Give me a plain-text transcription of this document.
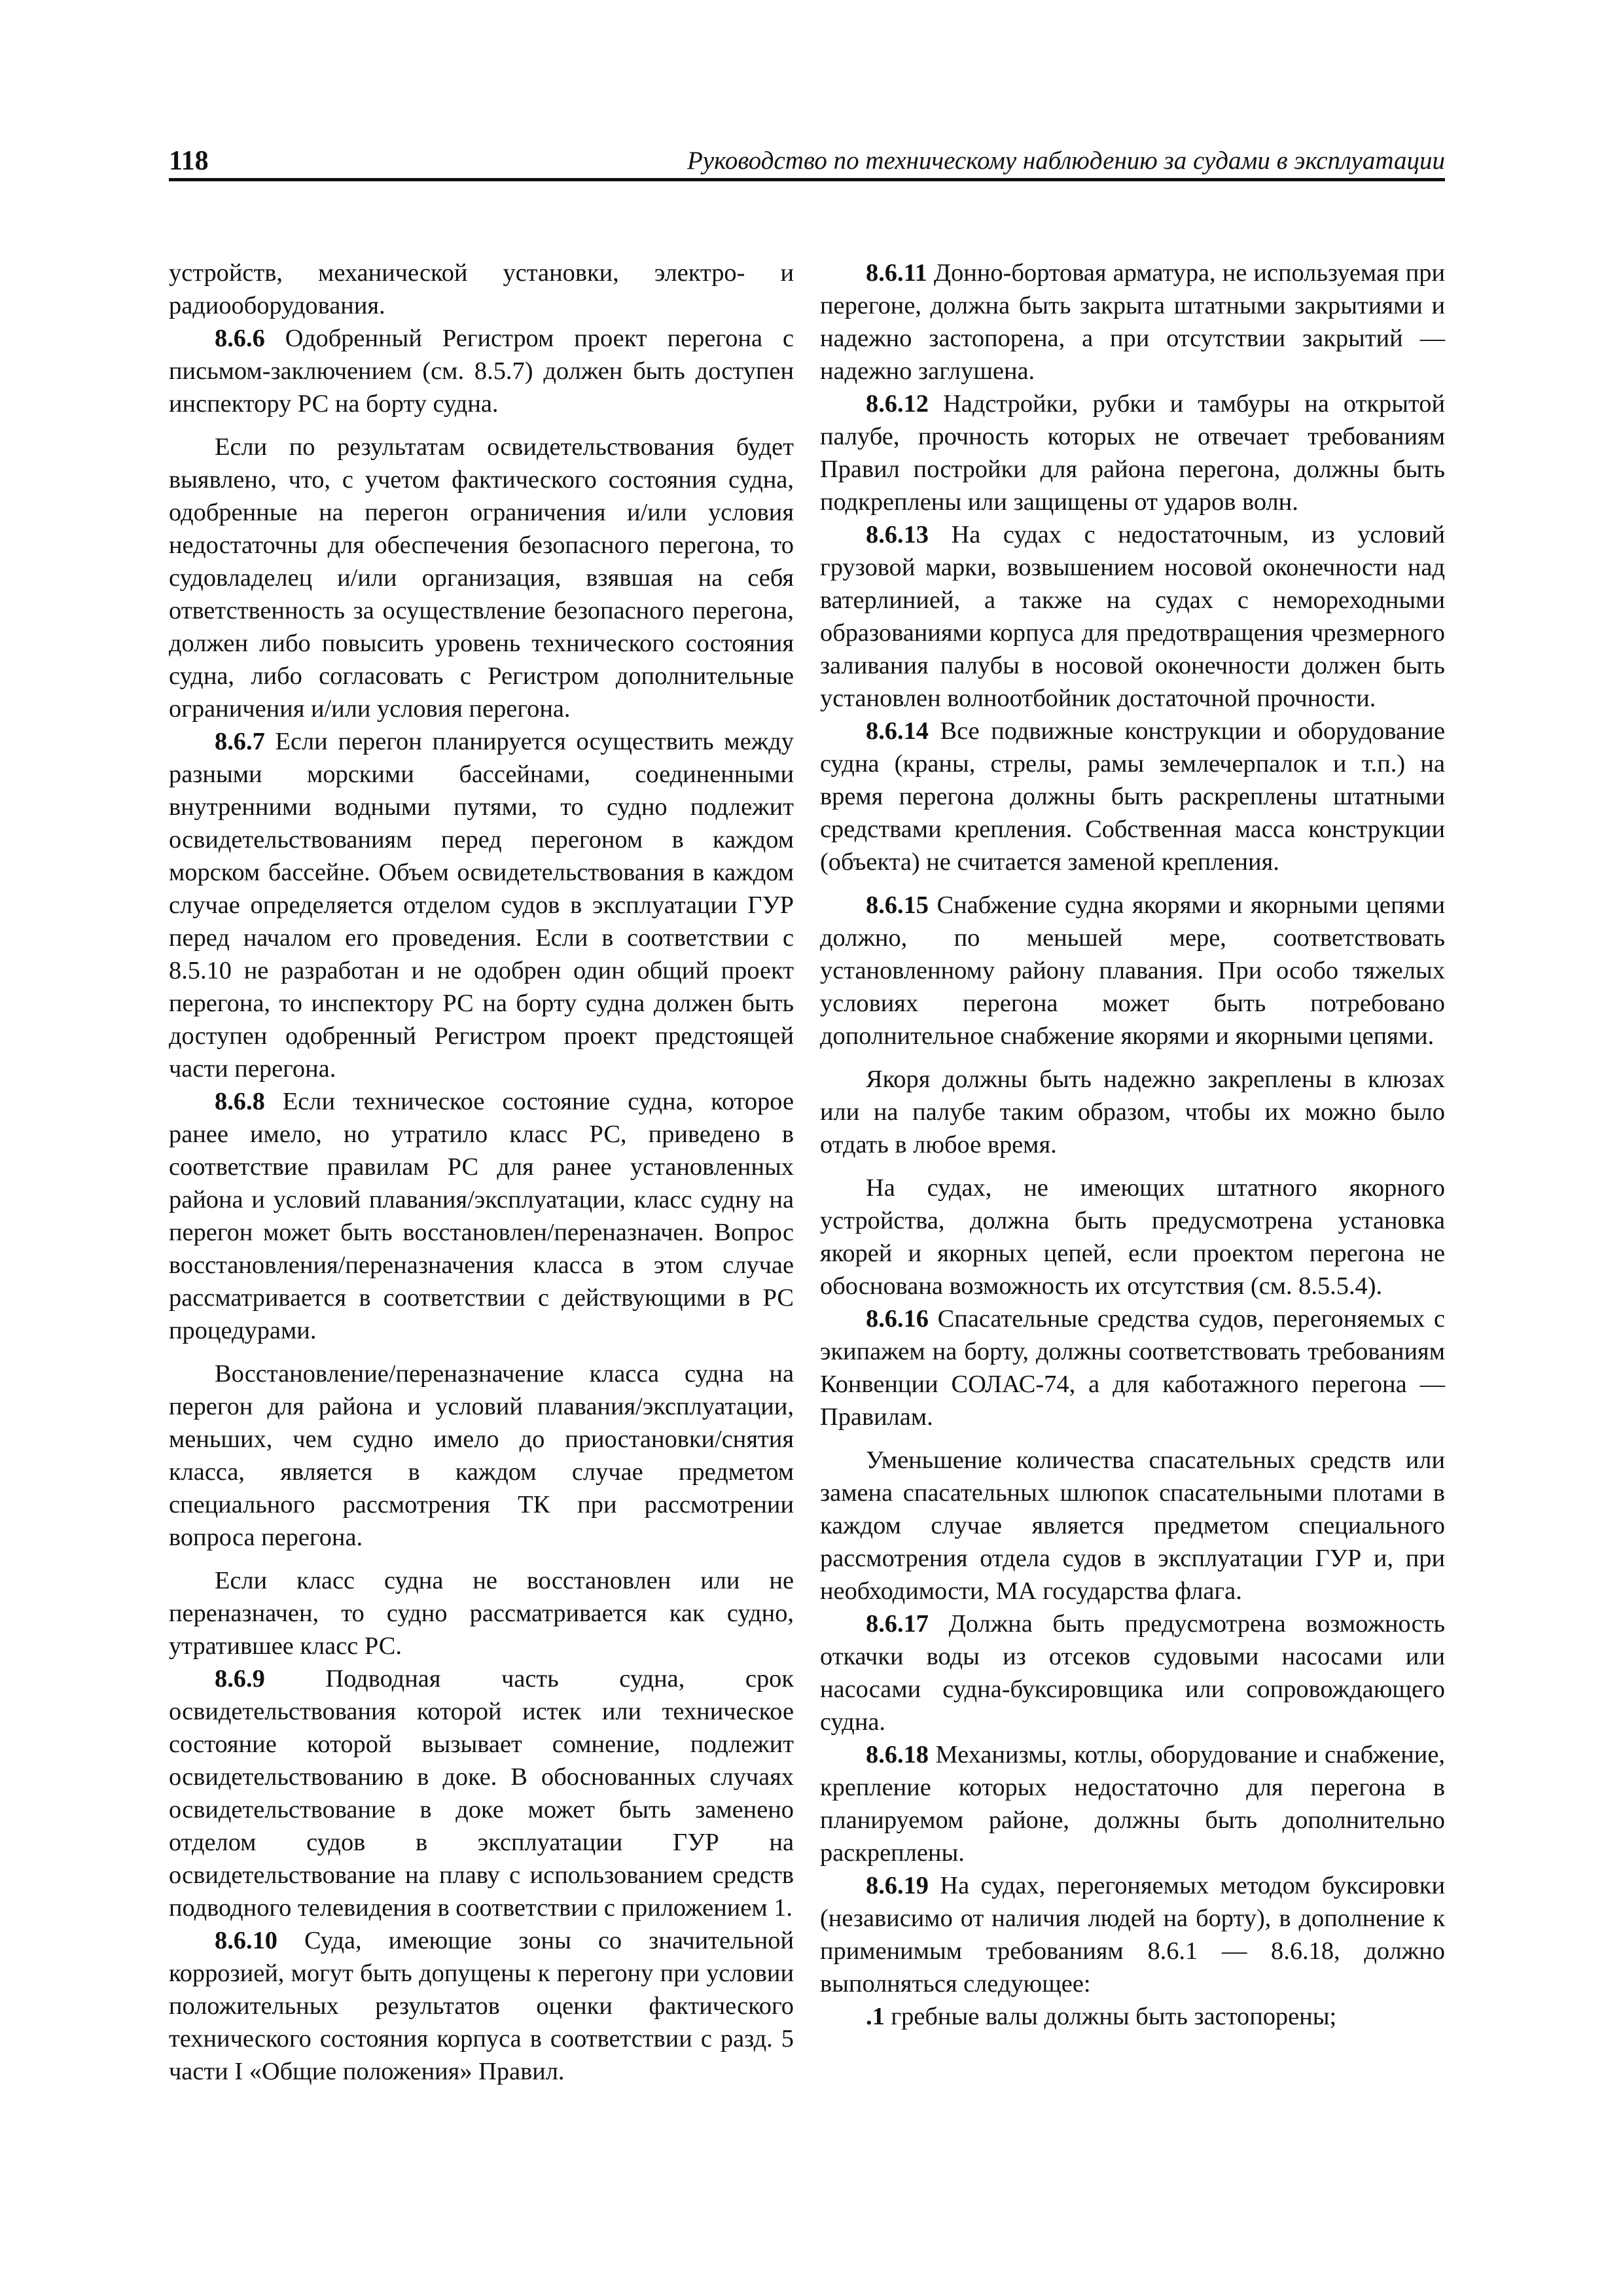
118	Руководство по техническому наблюдению за судами в эксплуатации

устройств, механической установки, электро- и радиооборудования.

8.6.6 Одобренный Регистром проект перегона с письмом-заключением (см. 8.5.7) должен быть доступен инспектору РС на борту судна.

Если по результатам освидетельствования будет выявлено, что, с учетом фактического состояния судна, одобренные на перегон ограничения и/или условия недостаточны для обеспечения безопасного перегона, то судовладелец и/или организация, взявшая на себя ответственность за осуществление безопасного перегона, должен либо повысить уровень технического состояния судна, либо согласовать с Регистром дополнительные ограничения и/или условия перегона.

8.6.7 Если перегон планируется осуществить между разными морскими бассейнами, соединенными внутренними водными путями, то судно подлежит освидетельствованиям перед перегоном в каждом морском бассейне. Объем освидетельствования в каждом случае определяется отделом судов в эксплуатации ГУР перед началом его проведения. Если в соответствии с 8.5.10 не разработан и не одобрен один общий проект перегона, то инспектору РС на борту судна должен быть доступен одобренный Регистром проект предстоящей части перегона.

8.6.8 Если техническое состояние судна, которое ранее имело, но утратило класс РС, приведено в соответствие правилам РС для ранее установленных района и условий плавания/эксплуатации, класс судну на перегон может быть восстановлен/переназначен. Вопрос восстановления/переназначения класса в этом случае рассматривается в соответствии с действующими в РС процедурами.

Восстановление/переназначение класса судна на перегон для района и условий плавания/эксплуатации, меньших, чем судно имело до приостановки/снятия класса, является в каждом случае предметом специального рассмотрения ТК при рассмотрении вопроса перегона.

Если класс судна не восстановлен или не переназначен, то судно рассматривается как судно, утратившее класс РС.

8.6.9 Подводная часть судна, срок освидетельствования которой истек или техническое состояние которой вызывает сомнение, подлежит освидетельствованию в доке. В обоснованных случаях освидетельствование в доке может быть заменено отделом судов в эксплуатации ГУР на освидетельствование на плаву с использованием средств подводного телевидения в соответствии с приложением 1.

8.6.10 Суда, имеющие зоны со значительной коррозией, могут быть допущены к перегону при условии положительных результатов оценки фактического технического состояния корпуса в соответствии с разд. 5 части I «Общие положения» Правил.

8.6.11 Донно-бортовая арматура, не используемая при перегоне, должна быть закрыта штатными закрытиями и надежно застопорена, а при отсутствии закрытий — надежно заглушена.

8.6.12 Надстройки, рубки и тамбуры на открытой палубе, прочность которых не отвечает требованиям Правил постройки для района перегона, должны быть подкреплены или защищены от ударов волн.

8.6.13 На судах с недостаточным, из условий грузовой марки, возвышением носовой оконечности над ватерлинией, а также на судах с немореходными образованиями корпуса для предотвращения чрезмерного заливания палубы в носовой оконечности должен быть установлен волноотбойник достаточной прочности.

8.6.14 Все подвижные конструкции и оборудование судна (краны, стрелы, рамы землечерпалок и т.п.) на время перегона должны быть раскреплены штатными средствами крепления. Собственная масса конструкции (объекта) не считается заменой крепления.

8.6.15 Снабжение судна якорями и якорными цепями должно, по меньшей мере, соответствовать установленному району плавания. При особо тяжелых условиях перегона может быть потребовано дополнительное снабжение якорями и якорными цепями.

Якоря должны быть надежно закреплены в клюзах или на палубе таким образом, чтобы их можно было отдать в любое время.

На судах, не имеющих штатного якорного устройства, должна быть предусмотрена установка якорей и якорных цепей, если проектом перегона не обоснована возможность их отсутствия (см. 8.5.5.4).

8.6.16 Спасательные средства судов, перегоняемых с экипажем на борту, должны соответствовать требованиям Конвенции СОЛАС-74, а для каботажного перегона — Правилам.

Уменьшение количества спасательных средств или замена спасательных шлюпок спасательными плотами в каждом случае является предметом специального рассмотрения отдела судов в эксплуатации ГУР и, при необходимости, МА государства флага.

8.6.17 Должна быть предусмотрена возможность откачки воды из отсеков судовыми насосами или насосами судна-буксировщика или сопровождающего судна.

8.6.18 Механизмы, котлы, оборудование и снабжение, крепление которых недостаточно для перегона в планируемом районе, должны быть дополнительно раскреплены.

8.6.19 На судах, перегоняемых методом буксировки (независимо от наличия людей на борту), в дополнение к применимым требованиям 8.6.1 — 8.6.18, должно выполняться следующее:

.1 гребные валы должны быть застопорены;
